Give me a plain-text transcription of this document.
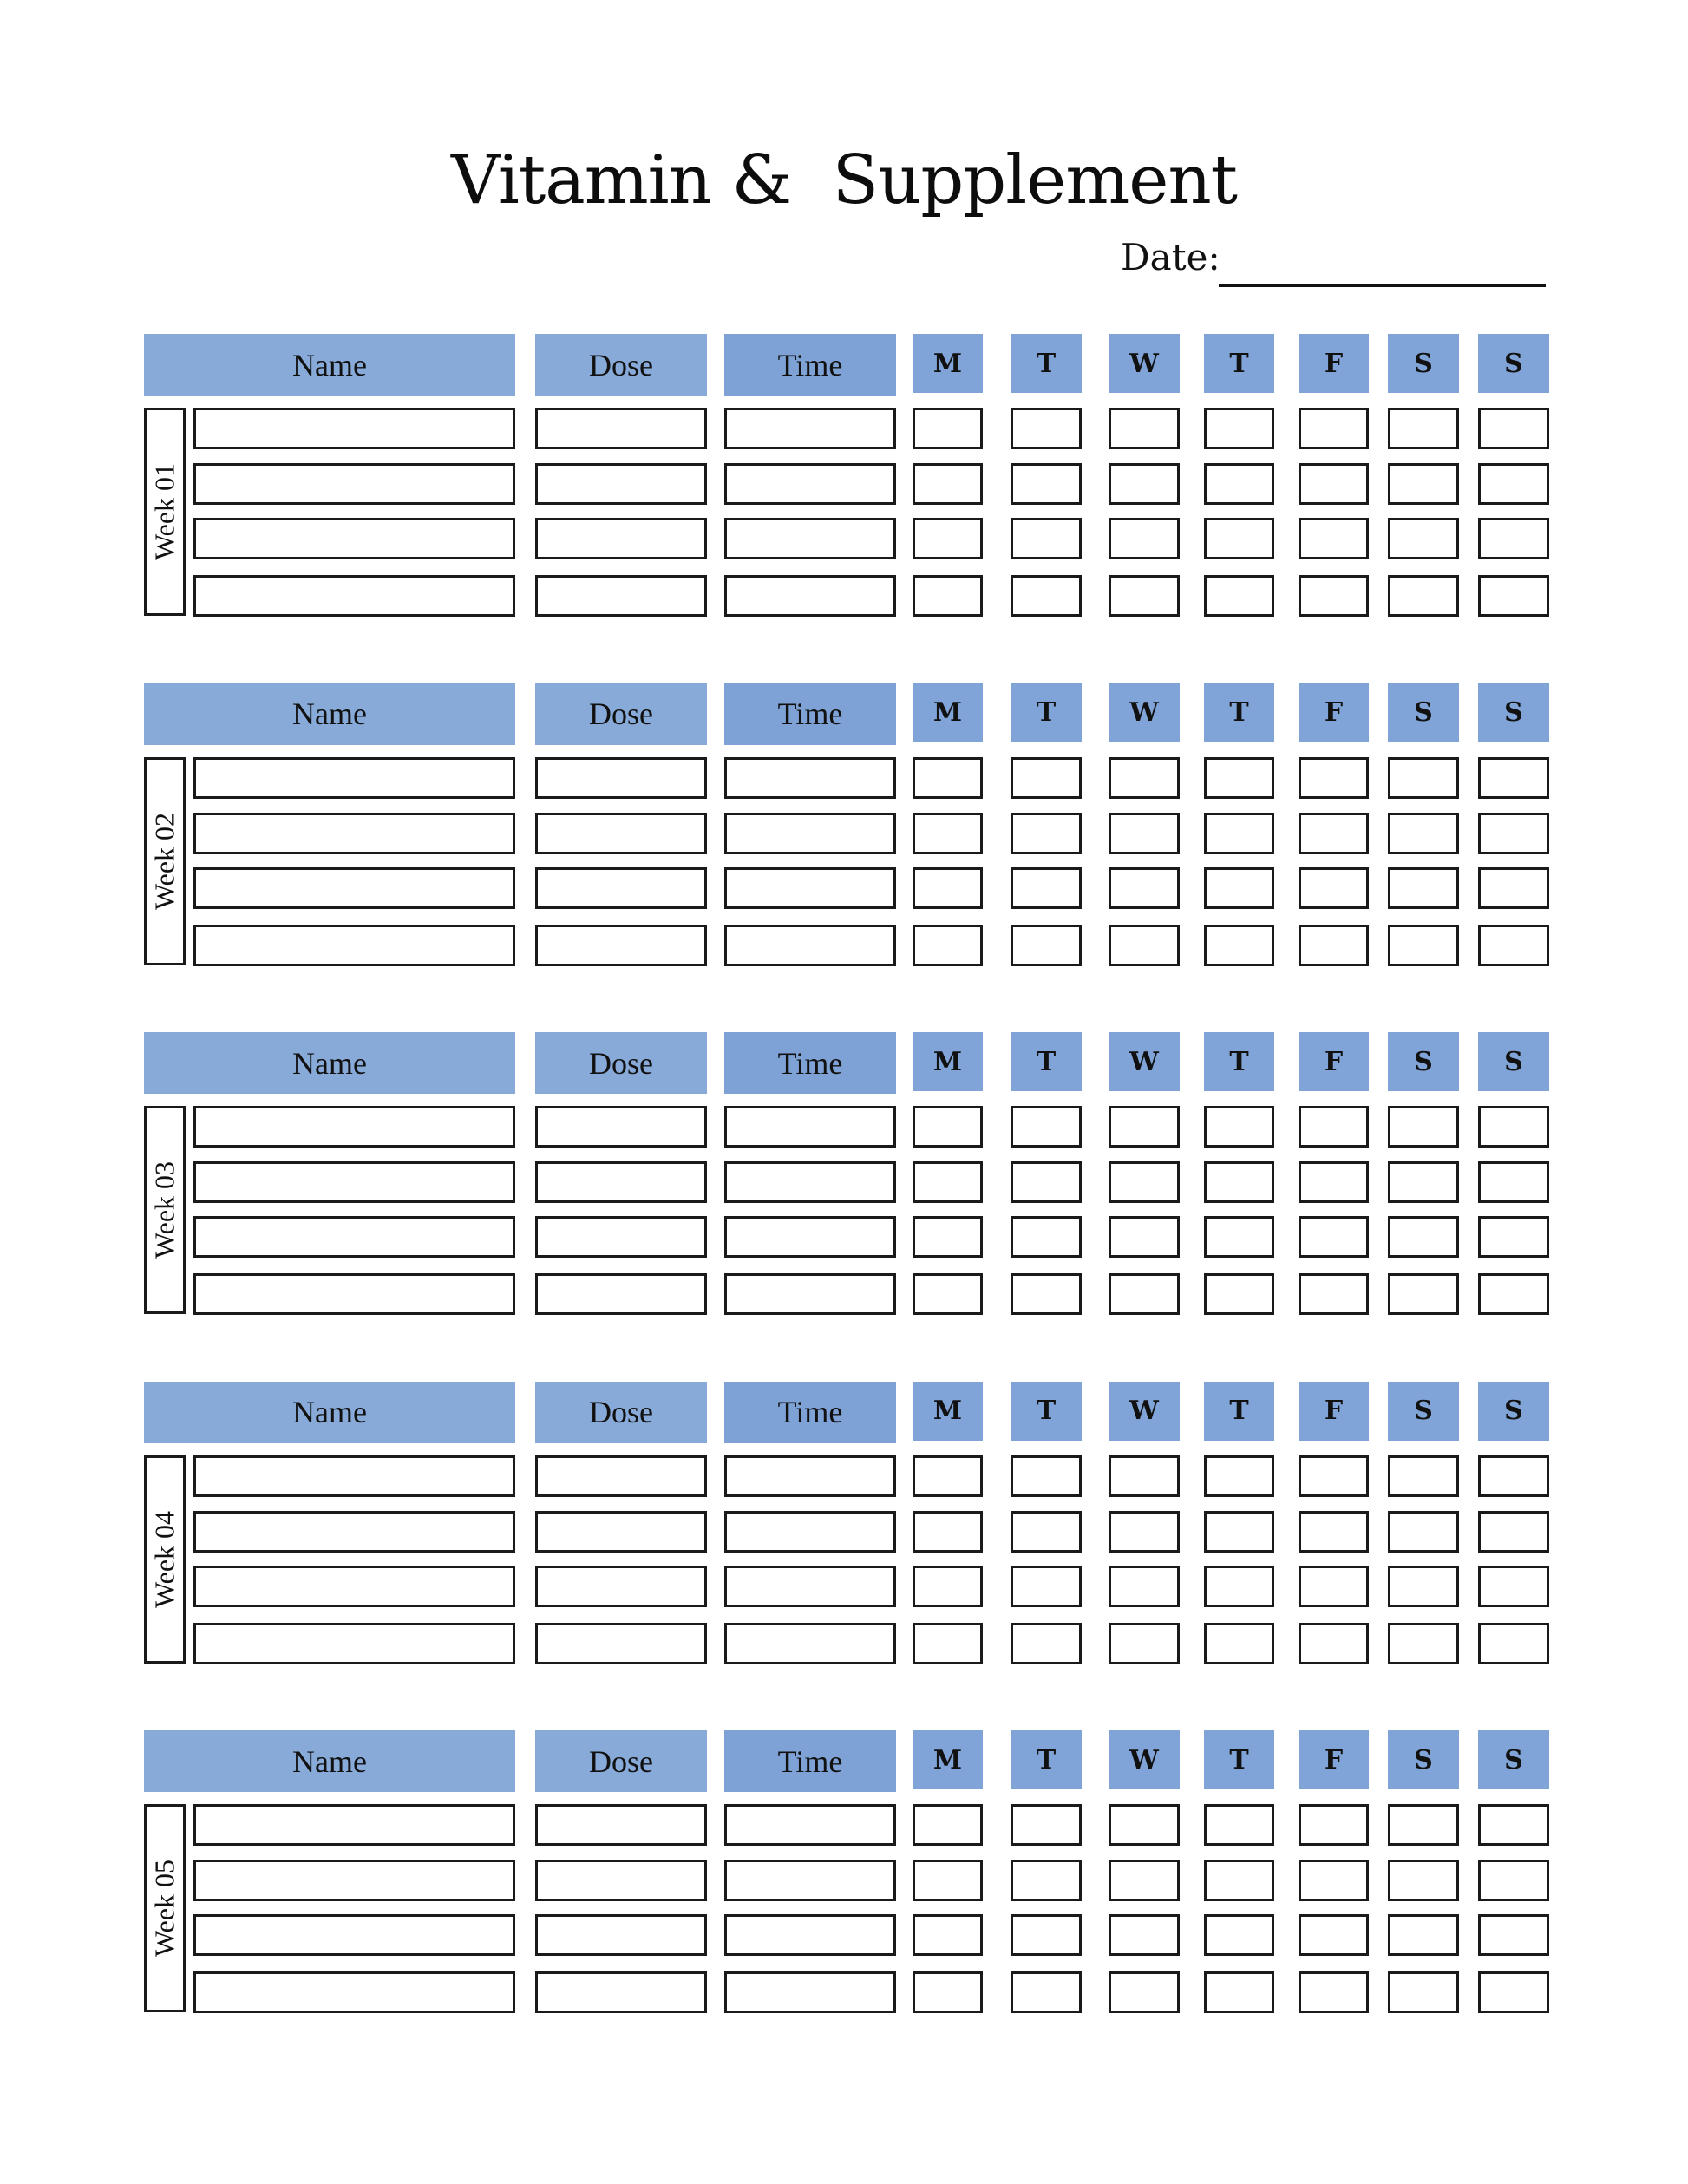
Vitamin &  Supplement
Date:
Name	Dose	Time	M	T	W	T	F	S	S
Week 01
Name	Dose	Time	M	T	W	T	F	S	S
Week 02
Name	Dose	Time	M	T	W	T	F	S	S
Week 03
Name	Dose	Time	M	T	W	T	F	S	S
Week 04
Name	Dose	Time	M	T	W	T	F	S	S
Week 05
